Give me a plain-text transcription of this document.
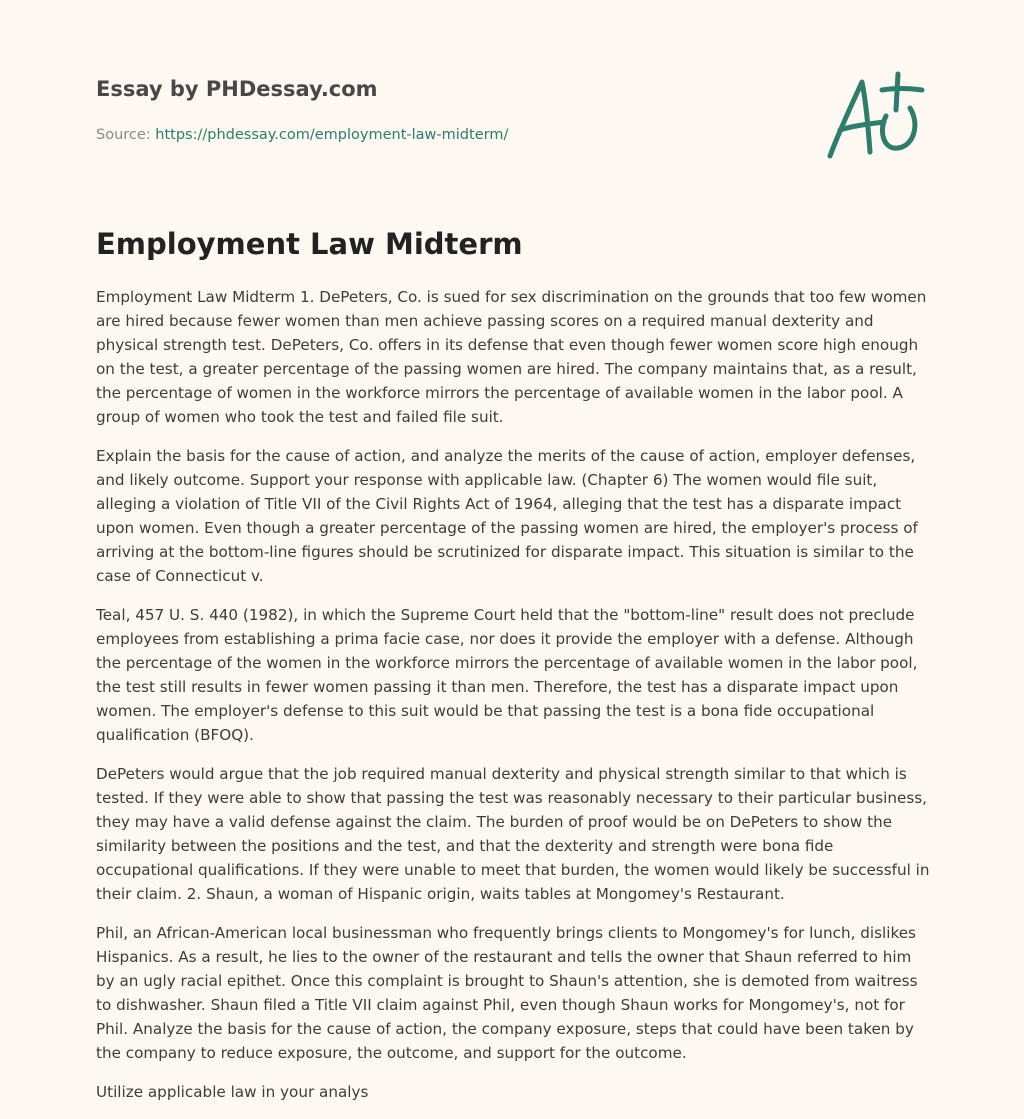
Essay by PHDessay.com
Source: https://phdessay.com/employment-law-midterm/
Employment Law Midterm

Employment Law Midterm 1. DePeters, Co. is sued for sex discrimination on the grounds that too few women are hired because fewer women than men achieve passing scores on a required manual dexterity and physical strength test. DePeters, Co. offers in its defense that even though fewer women score high enough on the test, a greater percentage of the passing women are hired. The company maintains that, as a result, the percentage of women in the workforce mirrors the percentage of available women in the labor pool. A group of women who took the test and failed file suit.

Explain the basis for the cause of action, and analyze the merits of the cause of action, employer defenses, and likely outcome. Support your response with applicable law. (Chapter 6) The women would file suit, alleging a violation of Title VII of the Civil Rights Act of 1964, alleging that the test has a disparate impact upon women. Even though a greater percentage of the passing women are hired, the employer's process of arriving at the bottom-line figures should be scrutinized for disparate impact. This situation is similar to the case of Connecticut v.

Teal, 457 U. S. 440 (1982), in which the Supreme Court held that the "bottom-line" result does not preclude employees from establishing a prima facie case, nor does it provide the employer with a defense. Although the percentage of the women in the workforce mirrors the percentage of available women in the labor pool, the test still results in fewer women passing it than men. Therefore, the test has a disparate impact upon women. The employer's defense to this suit would be that passing the test is a bona fide occupational qualification (BFOQ).

DePeters would argue that the job required manual dexterity and physical strength similar to that which is tested. If they were able to show that passing the test was reasonably necessary to their particular business, they may have a valid defense against the claim. The burden of proof would be on DePeters to show the similarity between the positions and the test, and that the dexterity and strength were bona fide occupational qualifications. If they were unable to meet that burden, the women would likely be successful in their claim. 2. Shaun, a woman of Hispanic origin, waits tables at Mongomey's Restaurant.

Phil, an African-American local businessman who frequently brings clients to Mongomey's for lunch, dislikes Hispanics. As a result, he lies to the owner of the restaurant and tells the owner that Shaun referred to him by an ugly racial epithet. Once this complaint is brought to Shaun's attention, she is demoted from waitress to dishwasher. Shaun filed a Title VII claim against Phil, even though Shaun works for Mongomey's, not for Phil. Analyze the basis for the cause of action, the company exposure, steps that could have been taken by the company to reduce exposure, the outcome, and support for the outcome.

Utilize applicable law in your analys
